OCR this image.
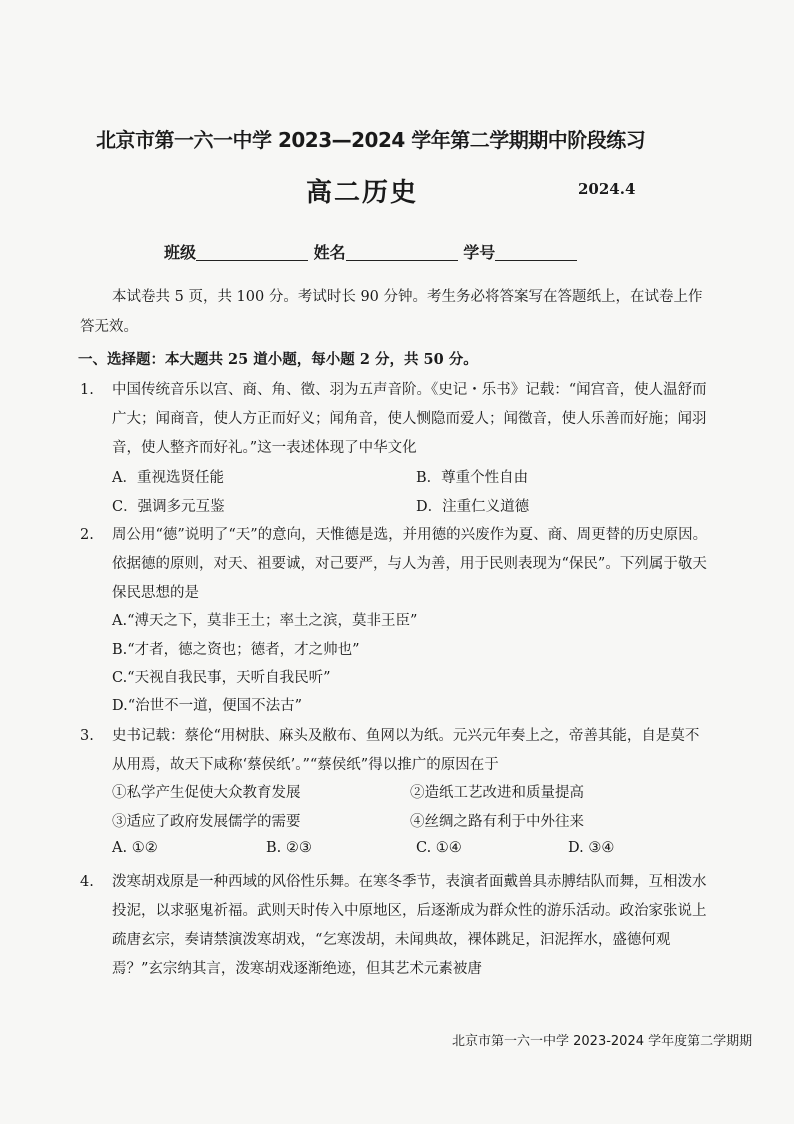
北京市第一六一中学 2023—2024 学年第二学期期中阶段练习
高二历史	2024.4
班级	姓名	学号
本试卷共 5 页，共 100 分。考试时长 90 分钟。考生务必将答案写在答题纸上，在试卷上作答无效。
一、选择题：本大题共 25 道小题，每小题 2 分，共 50 分。
1. 中国传统音乐以宫、商、角、徵、羽为五声音阶。《史记・乐书》记载：“闻宫音，使人温舒而广大；闻商音，使人方正而好义；闻角音，使人恻隐而爱人；闻徵音，使人乐善而好施；闻羽音，使人整齐而好礼。”这一表述体现了中华文化
A．重视选贤任能	B．尊重个性自由
C．强调多元互鉴	D．注重仁义道德
2. 周公用“德”说明了“天”的意向，天惟德是选，并用德的兴废作为夏、商、周更替的历史原因。依据德的原则，对天、祖要诚，对己要严，与人为善，用于民则表现为“保民”。下列属于敬天保民思想的是
A.“溥天之下，莫非王土；率土之滨，莫非王臣”
B.“才者，德之资也；德者，才之帅也”
C.“天视自我民事，天听自我民听”
D.“治世不一道，便国不法古”
3. 史书记载：蔡伦“用树肤、麻头及敝布、鱼网以为纸。元兴元年奏上之，帝善其能，自是莫不从用焉，故天下咸称‘蔡侯纸’。”“蔡侯纸”得以推广的原因在于
①私学产生促使大众教育发展	②造纸工艺改进和质量提高
③适应了政府发展儒学的需要	④丝绸之路有利于中外往来
A. ①②	B. ②③	C. ①④	D. ③④
4. 泼寒胡戏原是一种西域的风俗性乐舞。在寒冬季节，表演者面戴兽具赤膊结队而舞，互相泼水投泥，以求驱鬼祈福。武则天时传入中原地区，后逐渐成为群众性的游乐活动。政治家张说上疏唐玄宗，奏请禁演泼寒胡戏，“乞寒泼胡，未闻典故，裸体跳足，汩泥挥水，盛德何观焉？”玄宗纳其言，泼寒胡戏逐渐绝迹，但其艺术元素被唐
北京市第一六一中学 2023-2024 学年度第二学期期
